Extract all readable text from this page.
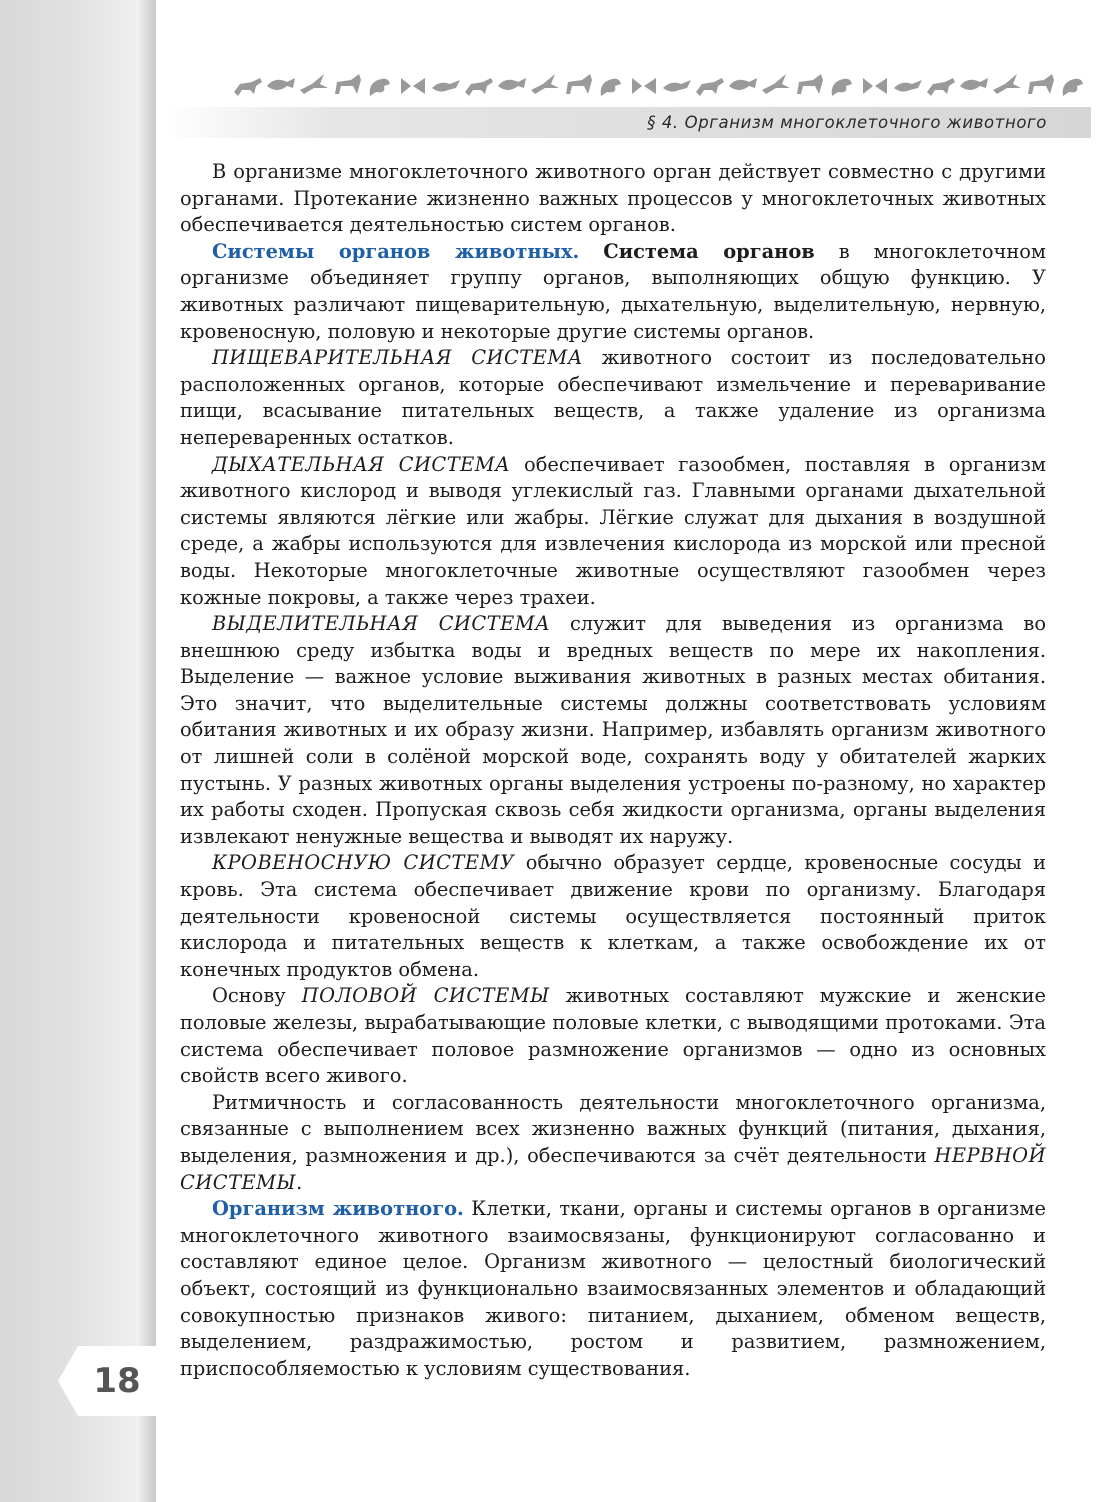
18
§ 4. Организм многоклеточного животного

В организме многоклеточного животного орган действует совместно с другими органами. Протекание жизненно важных процессов у многоклеточных животных обеспечивается деятельностью систем органов.

Системы органов животных. Система органов в многоклеточном организме объединяет группу органов, выполняющих общую функцию. У животных различают пищеварительную, дыхательную, выделительную, нервную, кровеносную, половую и некоторые другие системы органов.

ПИЩЕВАРИТЕЛЬНАЯ СИСТЕМА животного состоит из последовательно расположенных органов, которые обеспечивают измельчение и переваривание пищи, всасывание питательных веществ, а также удаление из организма непереваренных остатков.

ДЫХАТЕЛЬНАЯ СИСТЕМА обеспечивает газообмен, поставляя в организм животного кислород и выводя углекислый газ. Главными органами дыхательной системы являются лёгкие или жабры. Лёгкие служат для дыхания в воздушной среде, а жабры используются для извлечения кислорода из морской или пресной воды. Некоторые многоклеточные животные осуществляют газообмен через кожные покровы, а также через трахеи.

ВЫДЕЛИТЕЛЬНАЯ СИСТЕМА служит для выведения из организма во внешнюю среду избытка воды и вредных веществ по мере их накопления. Выделение — важное условие выживания животных в разных местах обитания. Это значит, что выделительные системы должны соответствовать условиям обитания животных и их образу жизни. Например, избавлять организм животного от лишней соли в солёной морской воде, сохранять воду у обитателей жарких пустынь. У разных животных органы выделения устроены по-разному, но характер их работы сходен. Пропуская сквозь себя жидкости организма, органы выделения извлекают ненужные вещества и выводят их наружу.

КРОВЕНОСНУЮ СИСТЕМУ обычно образует сердце, кровеносные сосуды и кровь. Эта система обеспечивает движение крови по организму. Благодаря деятельности кровеносной системы осуществляется постоянный приток кислорода и питательных веществ к клеткам, а также освобождение их от конечных продуктов обмена.

Основу ПОЛОВОЙ СИСТЕМЫ животных составляют мужские и женские половые железы, вырабатывающие половые клетки, с выводящими протоками. Эта система обеспечивает половое размножение организмов — одно из основных свойств всего живого.

Ритмичность и согласованность деятельности многоклеточного организма, связанные с выполнением всех жизненно важных функций (питания, дыхания, выделения, размножения и др.), обеспечиваются за счёт деятельности НЕРВНОЙ СИСТЕМЫ.

Организм животного. Клетки, ткани, органы и системы органов в организме многоклеточного животного взаимосвязаны, функционируют согласованно и составляют единое целое. Организм животного — целостный биологический объект, состоящий из функционально взаимосвязанных элементов и обладающий совокупностью признаков живого: питанием, дыханием, обменом веществ, выделением, раздражимостью, ростом и развитием, размножением, приспособляемостью к условиям существования.
